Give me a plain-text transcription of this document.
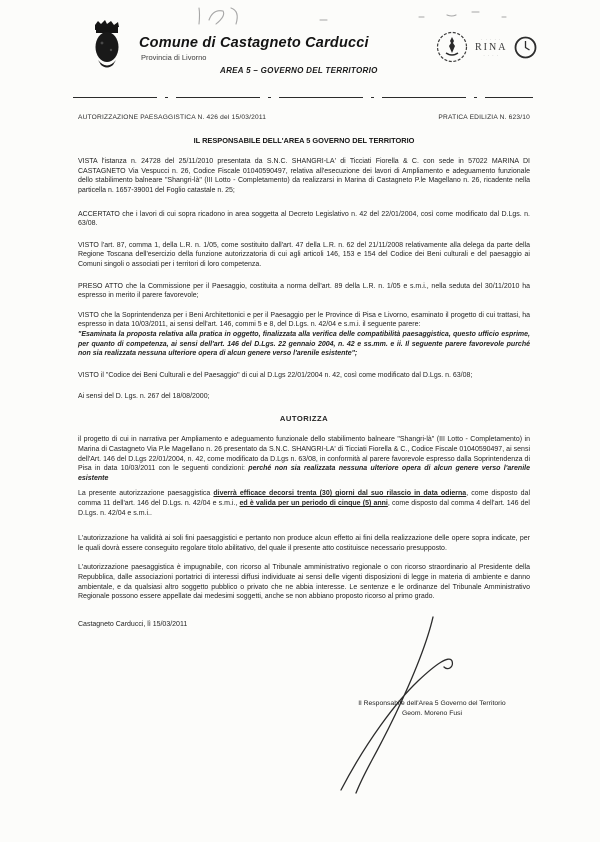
Comune di Castagneto Carducci
Provincia di Livorno
AREA 5 – GOVERNO DEL TERRITORIO
· · · · ·
RINA
· · · ·
AUTORIZZAZIONE PAESAGGISTICA N. 426 del 15/03/2011	PRATICA EDILIZIA N. 623/10

IL RESPONSABILE DELL'AREA 5 GOVERNO DEL TERRITORIO

VISTA l'istanza n. 24728 del 25/11/2010 presentata da S.N.C. SHANGRI-LA' di Ticciati Fiorella & C. con sede in 57022 MARINA DI CASTAGNETO Via Vespucci n. 26, Codice Fiscale 01040590497, relativa all'esecuzione dei lavori di Ampliamento e adeguamento funzionale dello stabilimento balneare "Shangri-là" (III Lotto - Completamento) da realizzarsi in Marina di Castagneto P.le Magellano n. 26, ricadente nella particella n. 1657-39001 del Foglio catastale n. 25;

ACCERTATO che i lavori di cui sopra ricadono in area soggetta al Decreto Legislativo n. 42 del 22/01/2004, così come modificato dal D.Lgs. n. 63/08.

VISTO l'art. 87, comma 1, della L.R. n. 1/05, come sostituito dall'art. 47 della L.R. n. 62 del 21/11/2008 relativamente alla delega da parte della Regione Toscana dell'esercizio della funzione autorizzatoria di cui agli articoli 146, 153 e 154 del Codice dei Beni culturali e del paesaggio ai Comuni singoli o associati per i territori di loro competenza.

PRESO ATTO che la Commissione per il Paesaggio, costituita a norma dell'art. 89 della L.R. n. 1/05 e s.m.i., nella seduta del 30/11/2010 ha espresso in merito il parere favorevole;

VISTO che la Soprintendenza per i Beni Architettonici e per il Paesaggio per le Province di Pisa e Livorno, esaminato il progetto di cui trattasi, ha espresso in data 10/03/2011, ai sensi dell'art. 146, commi 5 e 8, del D.Lgs. n. 42/04 e s.m.i. il seguente parere:
"Esaminata la proposta relativa alla pratica in oggetto, finalizzata alla verifica delle compatibilità paesaggistica, questo ufficio esprime, per quanto di competenza, ai sensi dell'art. 146 del D.Lgs. 22 gennaio 2004, n. 42 e ss.mm. e ii. Il seguente parere favorevole purché non sia realizzata nessuna ulteriore opera di alcun genere verso l'arenile esistente";

VISTO il "Codice dei Beni Culturali e del Paesaggio" di cui al D.Lgs 22/01/2004 n. 42, così come modificato dal D.Lgs. n. 63/08;

Ai sensi del D. Lgs. n. 267 del 18/08/2000;

AUTORIZZA

il progetto di cui in narrativa per Ampliamento e adeguamento funzionale dello stabilimento balneare "Shangri-là" (III Lotto - Completamento) in Marina di Castagneto Via P.le Magellano n. 26 presentato da S.N.C. SHANGRI-LA' di Ticciati Fiorella & C., Codice Fiscale 01040590497, ai sensi dell'Art. 146 del D.Lgs 22/01/2004, n. 42, come modificato da D.Lgs n. 63/08, in conformità al parere favorevole espresso dalla Soprintendenza di Pisa in data 10/03/2011 con le seguenti condizioni: perché non sia realizzata nessuna ulteriore opera di alcun genere verso l'arenile esistente

La presente autorizzazione paesaggistica diverrà efficace decorsi trenta (30) giorni dal suo rilascio in data odierna, come disposto dal comma 11 dell'art. 146 del D.Lgs. n. 42/04 e s.m.i., ed è valida per un periodo di cinque (5) anni, come disposto dal comma 4 dell'art. 146 del D.Lgs. n. 42/04 e s.m.i..

L'autorizzazione ha validità ai soli fini paesaggistici e pertanto non produce alcun effetto ai fini della realizzazione delle opere sopra indicate, per le quali dovrà essere conseguito regolare titolo abilitativo, del quale il presente atto costituisce necessario presupposto.

L'autorizzazione paesaggistica è impugnabile, con ricorso al Tribunale amministrativo regionale o con ricorso straordinario al Presidente della Repubblica, dalle associazioni portatrici di interessi diffusi individuate ai sensi delle vigenti disposizioni di legge in materia di ambiente e danno ambientale, e da qualsiasi altro soggetto pubblico o privato che ne abbia interesse. Le sentenze e le ordinanze del Tribunale Amministrativo Regionale possono essere appellate dai medesimi soggetti, anche se non abbiano proposto ricorso al primo grado.

Castagneto Carducci, lì 15/03/2011

Il Responsabile dell'Area 5 Governo del Territorio
Geom. Moreno Fusi
